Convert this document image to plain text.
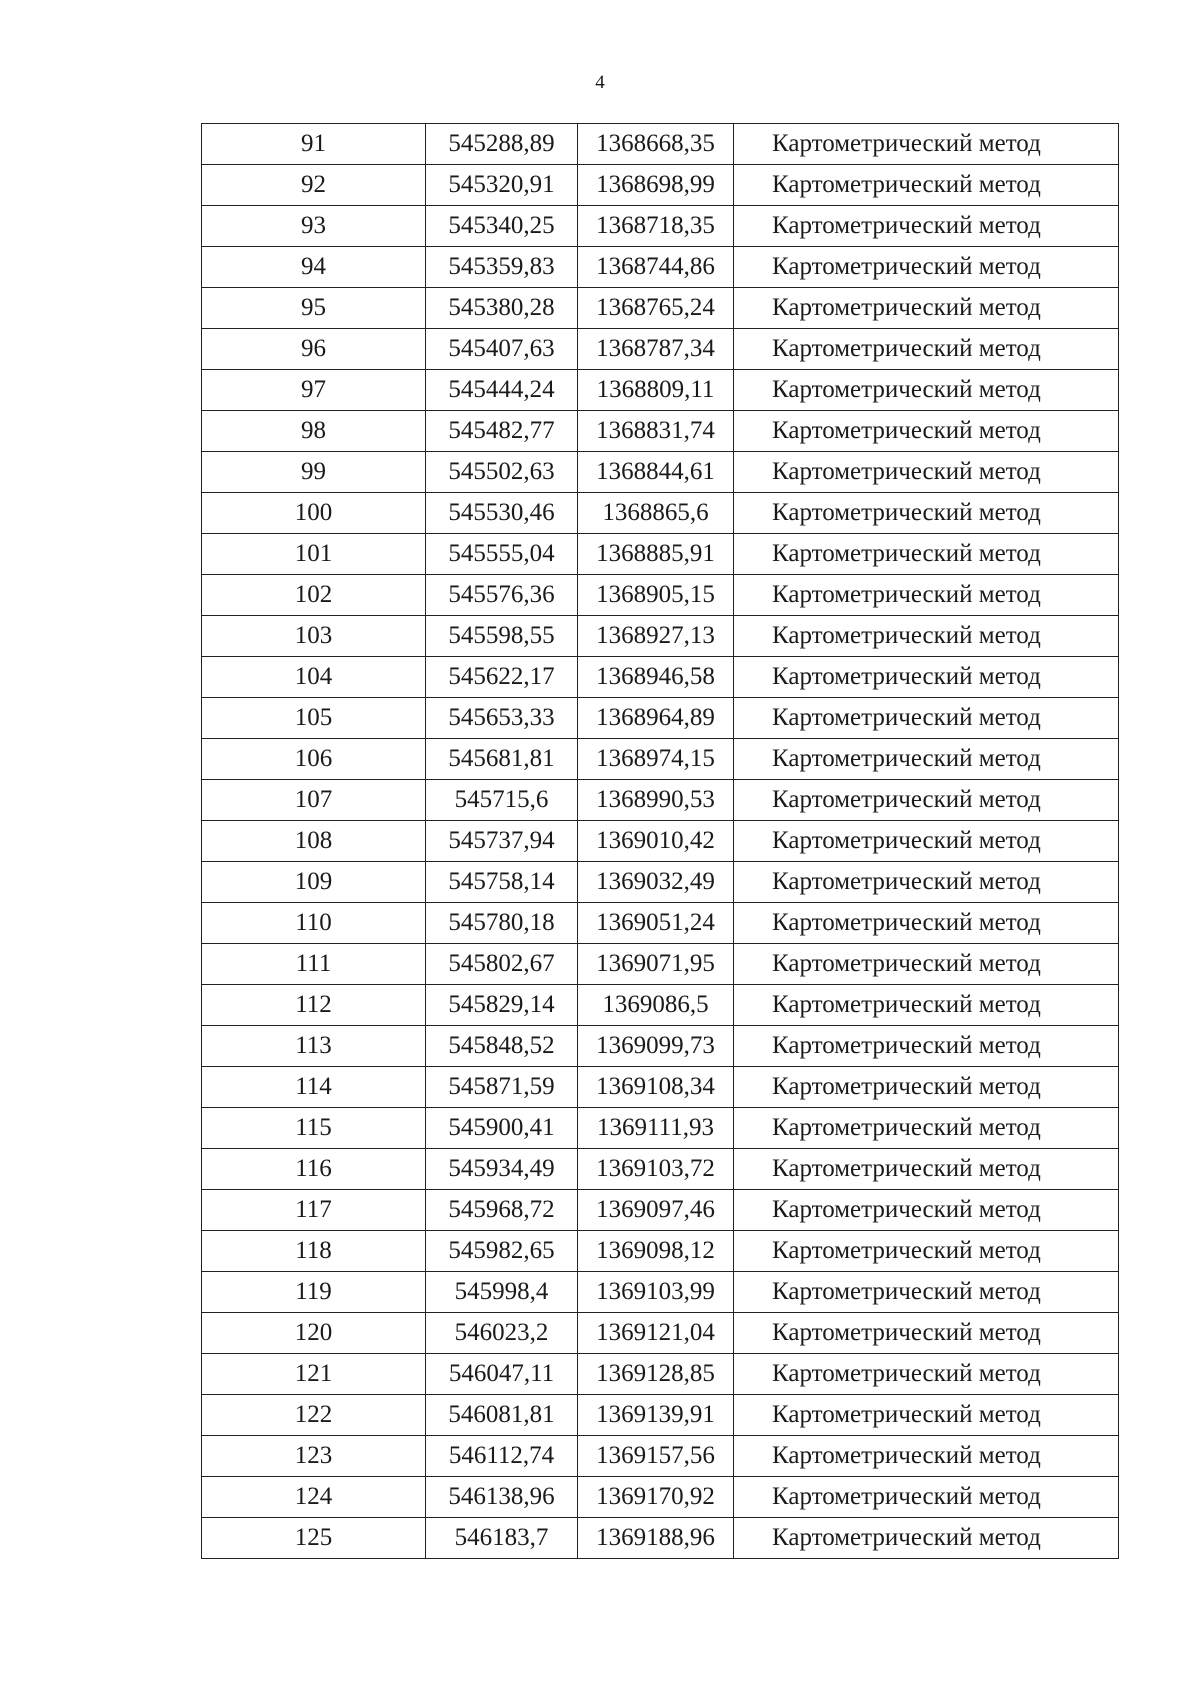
4
91	545288,89	1368668,35	Картометрический метод
92	545320,91	1368698,99	Картометрический метод
93	545340,25	1368718,35	Картометрический метод
94	545359,83	1368744,86	Картометрический метод
95	545380,28	1368765,24	Картометрический метод
96	545407,63	1368787,34	Картометрический метод
97	545444,24	1368809,11	Картометрический метод
98	545482,77	1368831,74	Картометрический метод
99	545502,63	1368844,61	Картометрический метод
100	545530,46	1368865,6	Картометрический метод
101	545555,04	1368885,91	Картометрический метод
102	545576,36	1368905,15	Картометрический метод
103	545598,55	1368927,13	Картометрический метод
104	545622,17	1368946,58	Картометрический метод
105	545653,33	1368964,89	Картометрический метод
106	545681,81	1368974,15	Картометрический метод
107	545715,6	1368990,53	Картометрический метод
108	545737,94	1369010,42	Картометрический метод
109	545758,14	1369032,49	Картометрический метод
110	545780,18	1369051,24	Картометрический метод
111	545802,67	1369071,95	Картометрический метод
112	545829,14	1369086,5	Картометрический метод
113	545848,52	1369099,73	Картометрический метод
114	545871,59	1369108,34	Картометрический метод
115	545900,41	1369111,93	Картометрический метод
116	545934,49	1369103,72	Картометрический метод
117	545968,72	1369097,46	Картометрический метод
118	545982,65	1369098,12	Картометрический метод
119	545998,4	1369103,99	Картометрический метод
120	546023,2	1369121,04	Картометрический метод
121	546047,11	1369128,85	Картометрический метод
122	546081,81	1369139,91	Картометрический метод
123	546112,74	1369157,56	Картометрический метод
124	546138,96	1369170,92	Картометрический метод
125	546183,7	1369188,96	Картометрический метод
